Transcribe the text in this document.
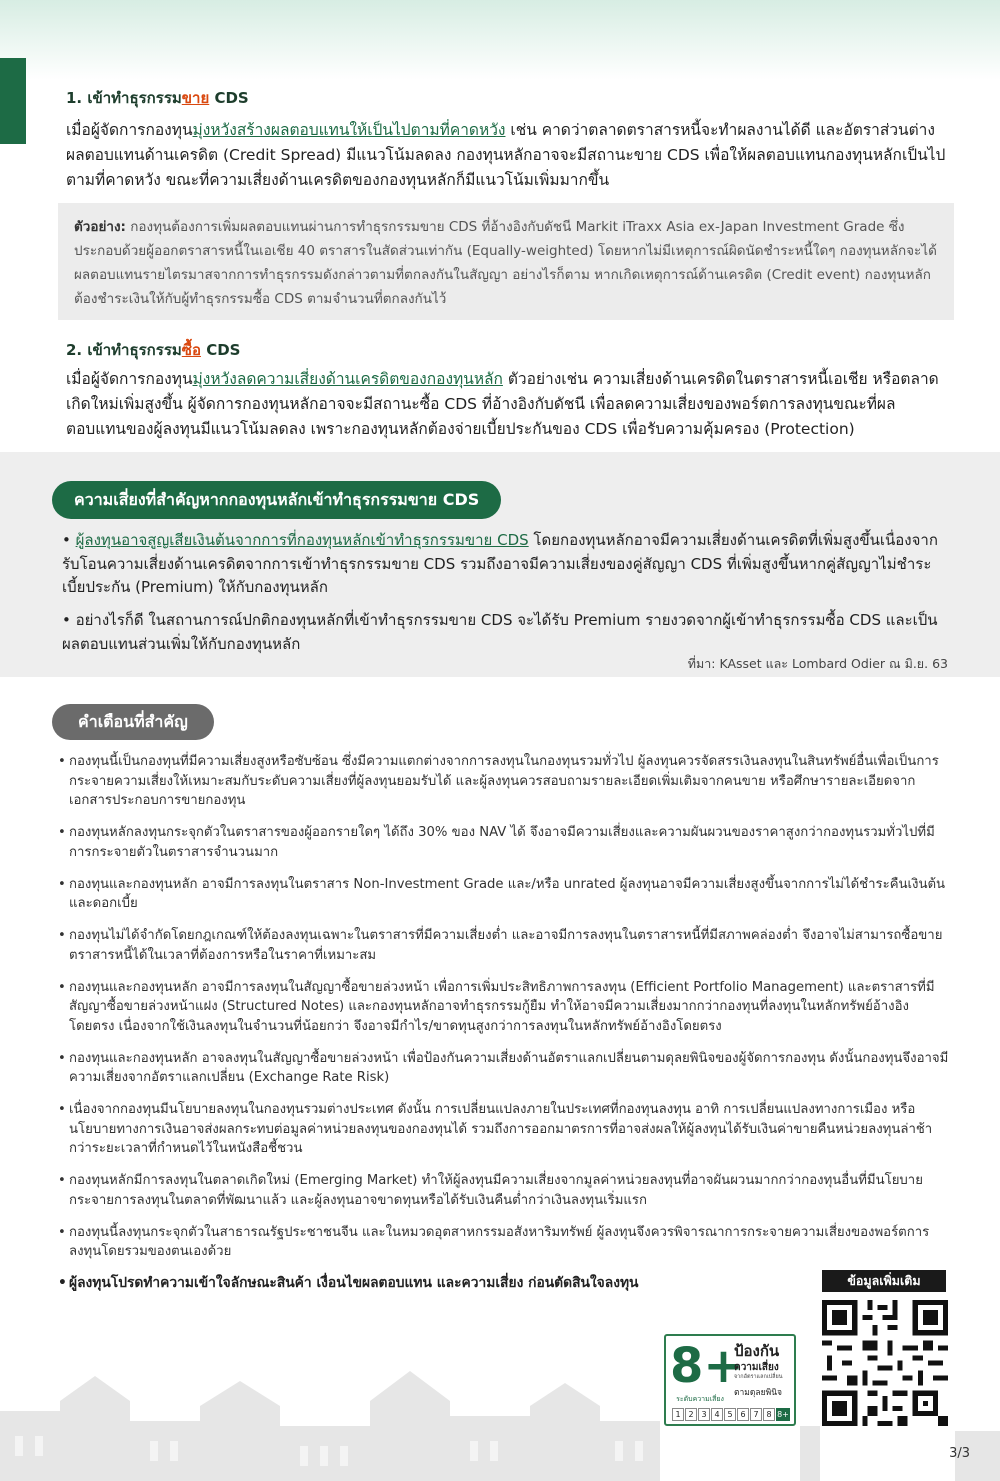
1. เข้าทำธุรกรรมขาย CDS
เมื่อผู้จัดการกองทุนมุ่งหวังสร้างผลตอบแทนให้เป็นไปตามที่คาดหวัง เช่น คาดว่าตลาดตราสารหนี้จะทำผลงานได้ดี และอัตราส่วนต่างผลตอบแทนด้านเครดิต (Credit Spread) มีแนวโน้มลดลง กองทุนหลักอาจจะมีสถานะขาย CDS เพื่อให้ผลตอบแทนกองทุนหลักเป็นไปตามที่คาดหวัง ขณะที่ความเสี่ยงด้านเครดิตของกองทุนหลักก็มีแนวโน้มเพิ่มมากขึ้น
ตัวอย่าง: กองทุนต้องการเพิ่มผลตอบแทนผ่านการทำธุรกรรมขาย CDS ที่อ้างอิงกับดัชนี Markit iTraxx Asia ex-Japan Investment Grade ซึ่งประกอบด้วยผู้ออกตราสารหนี้ในเอเชีย 40 ตราสารในสัดส่วนเท่ากัน (Equally-weighted) โดยหากไม่มีเหตุการณ์ผิดนัดชำระหนี้ใดๆ กองทุนหลักจะได้ผลตอบแทนรายไตรมาสจากการทำธุรกรรมดังกล่าวตามที่ตกลงกันในสัญญา อย่างไรก็ตาม หากเกิดเหตุการณ์ด้านเครดิต (Credit event) กองทุนหลักต้องชำระเงินให้กับผู้ทำธุรกรรมซื้อ CDS ตามจำนวนที่ตกลงกันไว้
2. เข้าทำธุรกรรมซื้อ CDS
เมื่อผู้จัดการกองทุนมุ่งหวังลดความเสี่ยงด้านเครดิตของกองทุนหลัก ตัวอย่างเช่น ความเสี่ยงด้านเครดิตในตราสารหนี้เอเชีย หรือตลาดเกิดใหม่เพิ่มสูงขึ้น ผู้จัดการกองทุนหลักอาจจะมีสถานะซื้อ CDS ที่อ้างอิงกับดัชนี เพื่อลดความเสี่ยงของพอร์ตการลงทุนขณะที่ผลตอบแทนของผู้ลงทุนมีแนวโน้มลดลง เพราะกองทุนหลักต้องจ่ายเบี้ยประกันของ CDS เพื่อรับความคุ้มครอง (Protection)
ความเสี่ยงที่สำคัญหากกองทุนหลักเข้าทำธุรกรรมขาย CDS
• ผู้ลงทุนอาจสูญเสียเงินต้นจากการที่กองทุนหลักเข้าทำธุรกรรมขาย CDS โดยกองทุนหลักอาจมีความเสี่ยงด้านเครดิตที่เพิ่มสูงขึ้นเนื่องจากรับโอนความเสี่ยงด้านเครดิตจากการเข้าทำธุรกรรมขาย CDS รวมถึงอาจมีความเสี่ยงของคู่สัญญา CDS ที่เพิ่มสูงขึ้นหากคู่สัญญาไม่ชำระเบี้ยประกัน (Premium) ให้กับกองทุนหลัก
• อย่างไรก็ดี ในสถานการณ์ปกติกองทุนหลักที่เข้าทำธุรกรรมขาย CDS จะได้รับ Premium รายงวดจากผู้เข้าทำธุรกรรมซื้อ CDS และเป็นผลตอบแทนส่วนเพิ่มให้กับกองทุนหลัก
ที่มา: KAsset และ Lombard Odier ณ มิ.ย. 63
คำเตือนที่สำคัญ
• กองทุนนี้เป็นกองทุนที่มีความเสี่ยงสูงหรือซับซ้อน ซึ่งมีความแตกต่างจากการลงทุนในกองทุนรวมทั่วไป ผู้ลงทุนควรจัดสรรเงินลงทุนในสินทรัพย์อื่นเพื่อเป็นการกระจายความเสี่ยงให้เหมาะสมกับระดับความเสี่ยงที่ผู้ลงทุนยอมรับได้ และผู้ลงทุนควรสอบถามรายละเอียดเพิ่มเติมจากคนขาย หรือศึกษารายละเอียดจากเอกสารประกอบการขายกองทุน
• กองทุนหลักลงทุนกระจุกตัวในตราสารของผู้ออกรายใดๆ ได้ถึง 30% ของ NAV ได้ จึงอาจมีความเสี่ยงและความผันผวนของราคาสูงกว่ากองทุนรวมทั่วไปที่มีการกระจายตัวในตราสารจำนวนมาก
• กองทุนและกองทุนหลัก อาจมีการลงทุนในตราสาร Non-Investment Grade และ/หรือ unrated ผู้ลงทุนอาจมีความเสี่ยงสูงขึ้นจากการไม่ได้ชำระคืนเงินต้น และดอกเบี้ย
• กองทุนไม่ได้จำกัดโดยกฎเกณฑ์ให้ต้องลงทุนเฉพาะในตราสารที่มีความเสี่ยงต่ำ และอาจมีการลงทุนในตราสารหนี้ที่มีสภาพคล่องต่ำ จึงอาจไม่สามารถซื้อขายตราสารหนี้ได้ในเวลาที่ต้องการหรือในราคาที่เหมาะสม
• กองทุนและกองทุนหลัก อาจมีการลงทุนในสัญญาซื้อขายล่วงหน้า เพื่อการเพิ่มประสิทธิภาพการลงทุน (Efficient Portfolio Management) และตราสารที่มีสัญญาซื้อขายล่วงหน้าแฝง (Structured Notes) และกองทุนหลักอาจทำธุรกรรมกู้ยืม ทำให้อาจมีความเสี่ยงมากกว่ากองทุนที่ลงทุนในหลักทรัพย์อ้างอิงโดยตรง เนื่องจากใช้เงินลงทุนในจำนวนที่น้อยกว่า จึงอาจมีกำไร/ขาดทุนสูงกว่าการลงทุนในหลักทรัพย์อ้างอิงโดยตรง
• กองทุนและกองทุนหลัก อาจลงทุนในสัญญาซื้อขายล่วงหน้า เพื่อป้องกันความเสี่ยงด้านอัตราแลกเปลี่ยนตามดุลยพินิจของผู้จัดการกองทุน ดังนั้นกองทุนจึงอาจมีความเสี่ยงจากอัตราแลกเปลี่ยน (Exchange Rate Risk)
• เนื่องจากกองทุนมีนโยบายลงทุนในกองทุนรวมต่างประเทศ ดังนั้น การเปลี่ยนแปลงภายในประเทศที่กองทุนลงทุน อาทิ การเปลี่ยนแปลงทางการเมือง หรือนโยบายทางการเงินอาจส่งผลกระทบต่อมูลค่าหน่วยลงทุนของกองทุนได้ รวมถึงการออกมาตรการที่อาจส่งผลให้ผู้ลงทุนได้รับเงินค่าขายคืนหน่วยลงทุนล่าช้ากว่าระยะเวลาที่กำหนดไว้ในหนังสือชี้ชวน
• กองทุนหลักมีการลงทุนในตลาดเกิดใหม่ (Emerging Market) ทำให้ผู้ลงทุนมีความเสี่ยงจากมูลค่าหน่วยลงทุนที่อาจผันผวนมากกว่ากองทุนอื่นที่มีนโยบายกระจายการลงทุนในตลาดที่พัฒนาแล้ว และผู้ลงทุนอาจขาดทุนหรือได้รับเงินคืนต่ำกว่าเงินลงทุนเริ่มแรก
• กองทุนนี้ลงทุนกระจุกตัวในสาธารณรัฐประชาชนจีน และในหมวดอุตสาหกรรมอสังหาริมทรัพย์ ผู้ลงทุนจึงควรพิจารณาการกระจายความเสี่ยงของพอร์ตการลงทุนโดยรวมของตนเองด้วย
• ผู้ลงทุนโปรดทำความเข้าใจลักษณะสินค้า เงื่อนไขผลตอบแทน และความเสี่ยง ก่อนตัดสินใจลงทุน
8+
ระดับความเสี่ยง
ป้องกัน
ความเสี่ยง
จากอัตราแลกเปลี่ยน
ตามดุลยพินิจ
1 2 3 4 5 6 7 8 8+
ข้อมูลเพิ่มเติม
3/3
